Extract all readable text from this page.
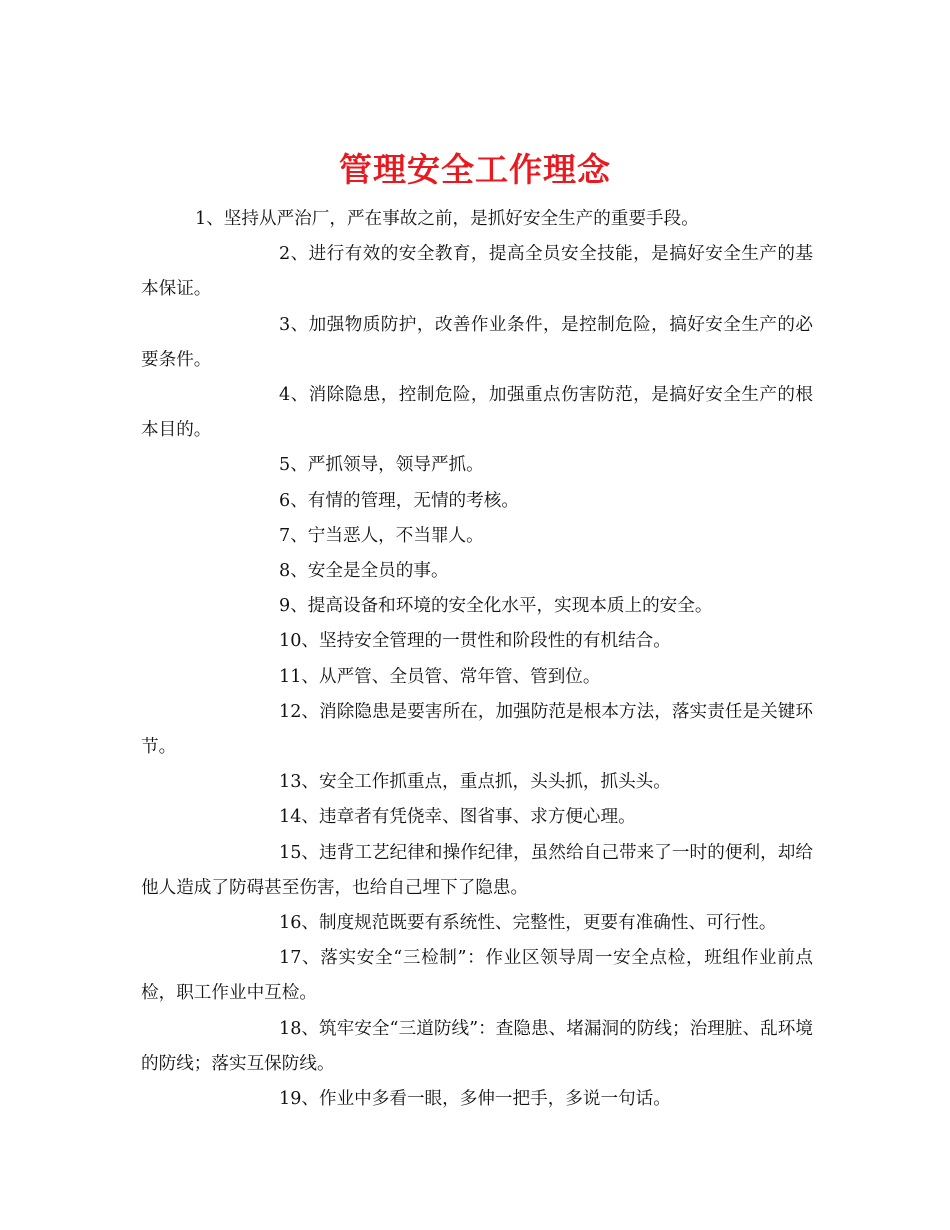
管理安全工作理念

1、坚持从严治厂，严在事故之前，是抓好安全生产的重要手段。

2、进行有效的安全教育，提高全员安全技能，是搞好安全生产的基本保证。

3、加强物质防护，改善作业条件，是控制危险，搞好安全生产的必要条件。

4、消除隐患，控制危险，加强重点伤害防范，是搞好安全生产的根本目的。

5、严抓领导，领导严抓。

6、有情的管理，无情的考核。

7、宁当恶人，不当罪人。

8、安全是全员的事。

9、提高设备和环境的安全化水平，实现本质上的安全。

10、坚持安全管理的一贯性和阶段性的有机结合。

11、从严管、全员管、常年管、管到位。

12、消除隐患是要害所在，加强防范是根本方法，落实责任是关键环节。

13、安全工作抓重点，重点抓，头头抓，抓头头。

14、违章者有凭侥幸、图省事、求方便心理。

15、违背工艺纪律和操作纪律，虽然给自己带来了一时的便利，却给他人造成了防碍甚至伤害，也给自己埋下了隐患。

16、制度规范既要有系统性、完整性，更要有准确性、可行性。

17、落实安全“三检制”：作业区领导周一安全点检，班组作业前点检，职工作业中互检。

18、筑牢安全“三道防线”：查隐患、堵漏洞的防线；治理脏、乱环境的防线；落实互保防线。

19、作业中多看一眼，多伸一把手，多说一句话。
